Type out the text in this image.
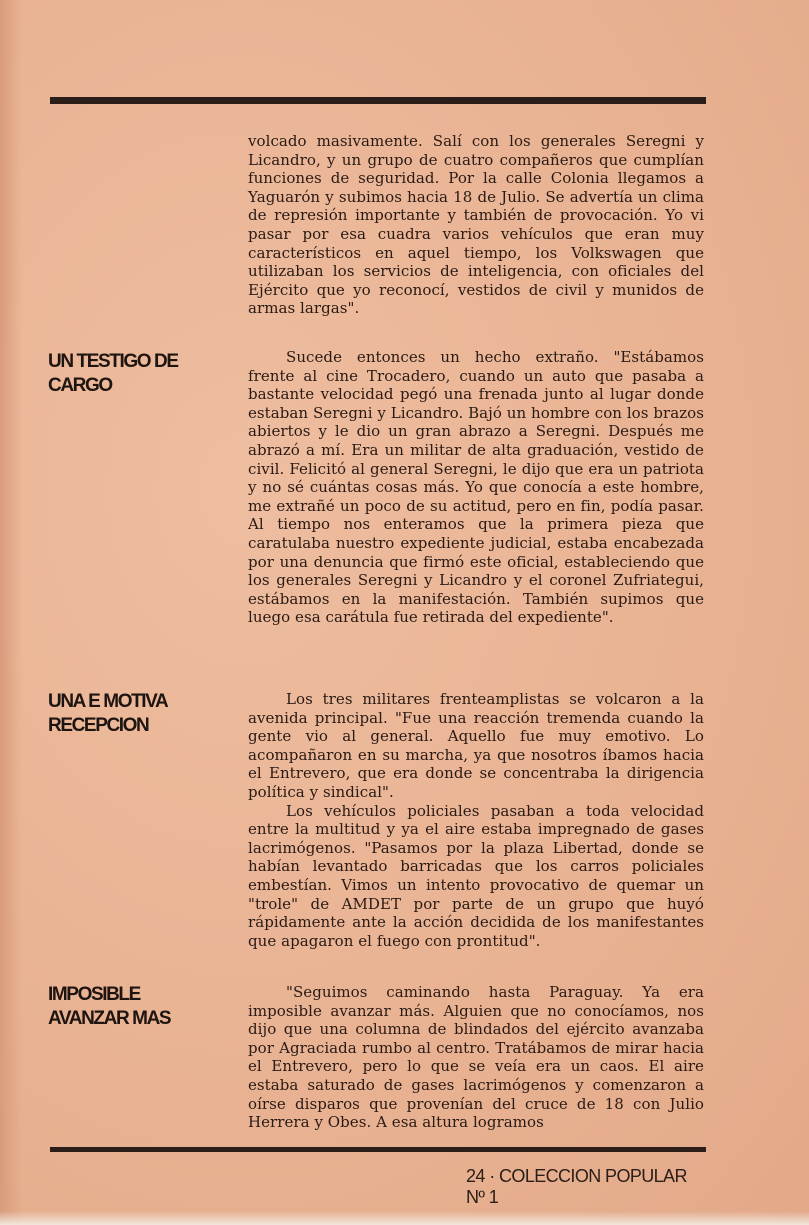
volcado masivamente. Salí con los generales Seregni y Licandro, y un grupo de cuatro compañeros que cumplían funciones de seguridad. Por la calle Colonia llegamos a Yaguarón y subimos hacia 18 de Julio. Se advertía un clima de represión importante y también de provocación. Yo vi pasar por esa cuadra varios vehículos que eran muy característicos en aquel tiempo, los Volkswagen que utilizaban los servicios de inteligencia, con oficiales del Ejército que yo reconocí, vestidos de civil y munidos de armas largas".

UN TESTIGO DE CARGO

Sucede entonces un hecho extraño. "Estábamos frente al cine Trocadero, cuando un auto que pasaba a bastante velocidad pegó una frenada junto al lugar donde estaban Seregni y Licandro. Bajó un hombre con los brazos abiertos y le dio un gran abrazo a Seregni. Después me abrazó a mí. Era un militar de alta graduación, vestido de civil. Felicitó al general Seregni, le dijo que era un patriota y no sé cuántas cosas más. Yo que conocía a este hombre, me extrañé un poco de su actitud, pero en fin, podía pasar. Al tiempo nos enteramos que la primera pieza que caratulaba nuestro expediente judicial, estaba encabezada por una denuncia que firmó este oficial, estableciendo que los generales Seregni y Licandro y el coronel Zufriategui, estábamos en la manifestación. También supimos que luego esa carátula fue retirada del expediente".

UNA E MOTIVA RECEPCION

Los tres militares frenteamplistas se volcaron a la avenida principal. "Fue una reacción tremenda cuando la gente vio al general. Aquello fue muy emotivo. Lo acompañaron en su marcha, ya que nosotros íbamos hacia el Entrevero, que era donde se concentraba la dirigencia política y sindical".

Los vehículos policiales pasaban a toda velocidad entre la multitud y ya el aire estaba impregnado de gases lacrimógenos. "Pasamos por la plaza Libertad, donde se habían levantado barricadas que los carros policiales embestían. Vimos un intento provocativo de quemar un "trole" de AMDET por parte de un grupo que huyó rápidamente ante la acción decidida de los manifestantes que apagaron el fuego con prontitud".

IMPOSIBLE AVANZAR MAS

"Seguimos caminando hasta Paraguay. Ya era imposible avanzar más. Alguien que no conocíamos, nos dijo que una columna de blindados del ejército avanzaba por Agraciada rumbo al centro. Tratábamos de mirar hacia el Entrevero, pero lo que se veía era un caos. El aire estaba saturado de gases lacrimógenos y comenzaron a oírse disparos que provenían del cruce de 18 con Julio Herrera y Obes. A esa altura logramos

24 · COLECCION POPULAR Nº 1
